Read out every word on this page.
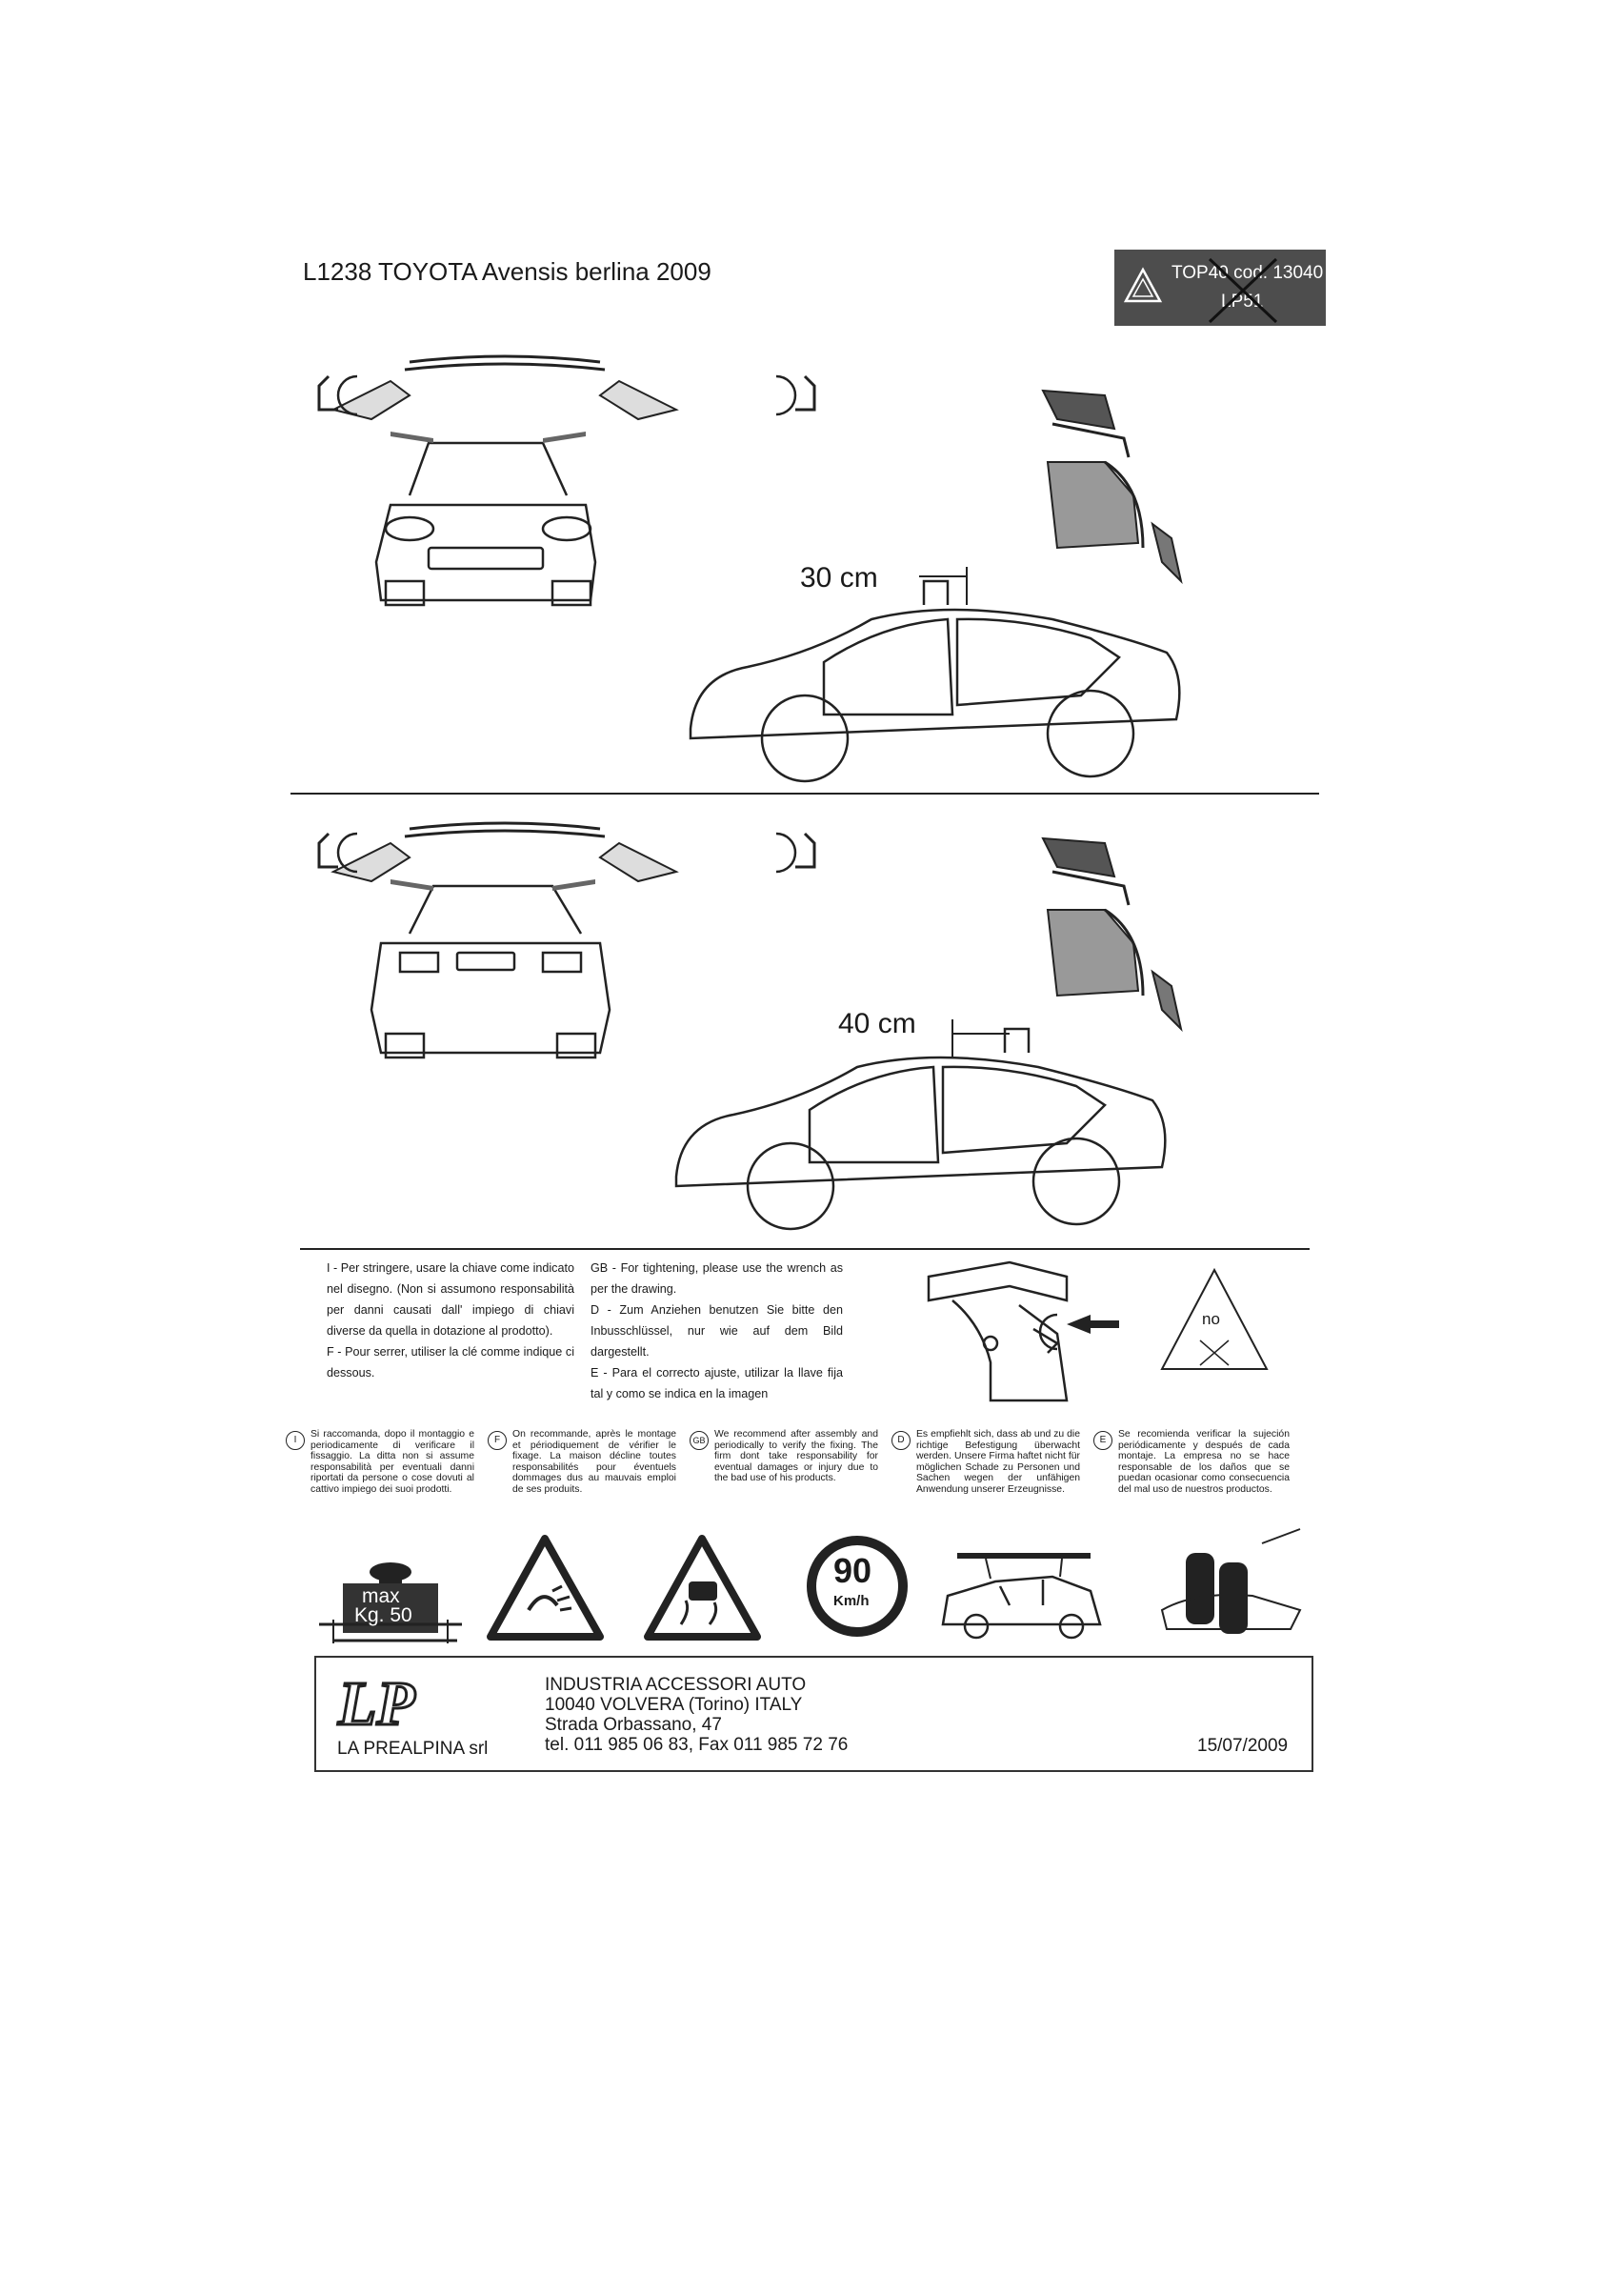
L1238 TOYOTA Avensis berlina 2009	TOP40 cod. 13040
LP51
30 cm
40 cm
I - Per stringere, usare la chiave come indicato nel disegno. (Non si assumono responsabilità per danni causati dall' impiego di chiavi diverse da quella in dotazione al prodotto).
F - Pour serrer, utiliser la clé comme indique ci dessous.
GB - For tightening, please use the wrench as per the drawing.
D - Zum Anziehen benutzen Sie bitte den Inbusschlüssel, nur wie auf dem Bild dargestellt.
E - Para el correcto ajuste, utilizar la llave fija tal y como se indica en la imagen
no
I
Si raccomanda, dopo il montaggio e periodicamente di verificare il fissaggio. La ditta non si assume responsabilità per eventuali danni riportati da persone o cose dovuti al cattivo impiego dei suoi prodotti.
F
On recommande, après le montage et périodiquement de vérifier le fixage. La maison décline toutes responsabilités pour éventuels dommages dus au mauvais emploi de ses produits.
GB
We recommend after assembly and periodically to verify the fixing. The firm dont take responsability for eventual damages or injury due to the bad use of his products.
D
Es empfiehlt sich, dass ab und zu die richtige Befestigung überwacht werden. Unsere Firma haftet nicht für möglichen Schade zu Personen und Sachen wegen der unfähigen Anwendung unserer Erzeugnisse.
E
Se recomienda verificar la sujeción periódicamente y después de cada montaje. La empresa no se hace responsable de los daños que se puedan ocasionar como consecuencia del mal uso de nuestros productos.
max
Kg. 50
90
Km/h
LP
LA PREALPINA srl
INDUSTRIA ACCESSORI AUTO
10040 VOLVERA (Torino) ITALY
Strada Orbassano, 47
tel. 011 985 06 83, Fax 011 985 72 76	15/07/2009
